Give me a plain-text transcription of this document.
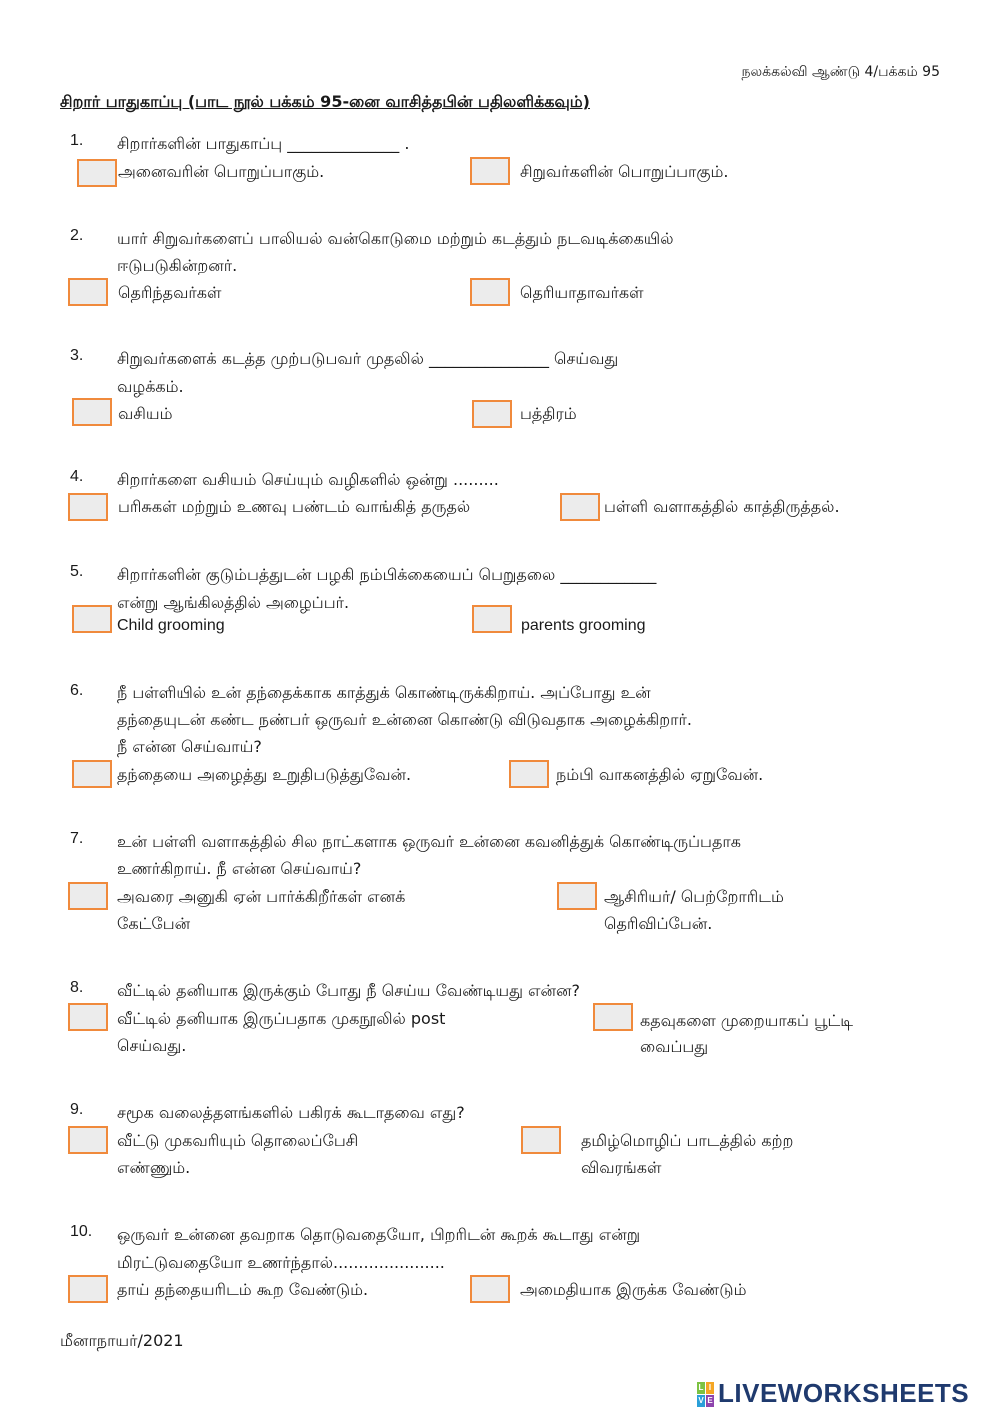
நலக்கல்வி ஆண்டு 4/பக்கம் 95
சிறார் பாதுகாப்பு (பாட நூல் பக்கம் 95-னை வாசித்தபின் பதிலளிக்கவும்)
1. சிறார்களின் பாதுகாப்பு ______________ .
அனைவரின் பொறுப்பாகும்.	சிறுவர்களின் பொறுப்பாகும்.
2. யார் சிறுவர்களைப் பாலியல் வன்கொடுமை மற்றும் கடத்தும் நடவடிக்கையில்
ஈடுபடுகின்றனர்.
தெரிந்தவர்கள்	தெரியாதாவர்கள்
3. சிறுவர்களைக் கடத்த முற்படுபவர் முதலில் _______________ செய்வது
வழக்கம்.
வசியம்	பத்திரம்
4. சிறார்களை வசியம் செய்யும் வழிகளில் ஒன்று .........
பரிசுகள் மற்றும் உணவு பண்டம் வாங்கித் தருதல்	பள்ளி வளாகத்தில் காத்திருத்தல்.
5. சிறார்களின் குடும்பத்துடன் பழகி நம்பிக்கையைப் பெறுதலை ____________
என்று ஆங்கிலத்தில் அழைப்பர்.
Child grooming	parents grooming
6. நீ பள்ளியில் உன் தந்தைக்காக காத்துக் கொண்டிருக்கிறாய். அப்போது உன்
தந்தையுடன் கண்ட நண்பர் ஒருவர் உன்னை கொண்டு விடுவதாக அழைக்கிறார்.
நீ என்ன செய்வாய்?
தந்தையை அழைத்து உறுதிபடுத்துவேன்.	நம்பி வாகனத்தில் ஏறுவேன்.
7. உன் பள்ளி வளாகத்தில் சில நாட்களாக ஒருவர் உன்னை கவனித்துக் கொண்டிருப்பதாக
உணர்கிறாய். நீ என்ன செய்வாய்?
அவரை அனுகி ஏன் பார்க்கிறீர்கள் எனக்
கேட்பேன்
ஆசிரியர்/ பெற்றோரிடம்
தெரிவிப்பேன்.
8. வீட்டில் தனியாக இருக்கும் போது நீ செய்ய வேண்டியது என்ன?
வீட்டில் தனியாக இருப்பதாக முகநூலில் post
செய்வது.
கதவுகளை முறையாகப் பூட்டி
வைப்பது
9. சமூக வலைத்தளங்களில் பகிரக் கூடாதவை எது?
வீட்டு முகவரியும் தொலைப்பேசி
எண்ணும்.
தமிழ்மொழிப் பாடத்தில் கற்ற
விவரங்கள்
10. ஒருவர் உன்னை தவறாக தொடுவதையோ, பிறரிடன் கூறக் கூடாது என்று
மிரட்டுவதையோ உணர்ந்தால்......................
தாய் தந்தையரிடம் கூற வேண்டும்.	அமைதியாக இருக்க வேண்டும்
மீனாநாயர்/2021
L I
V E LIVEWORKSHEETS
